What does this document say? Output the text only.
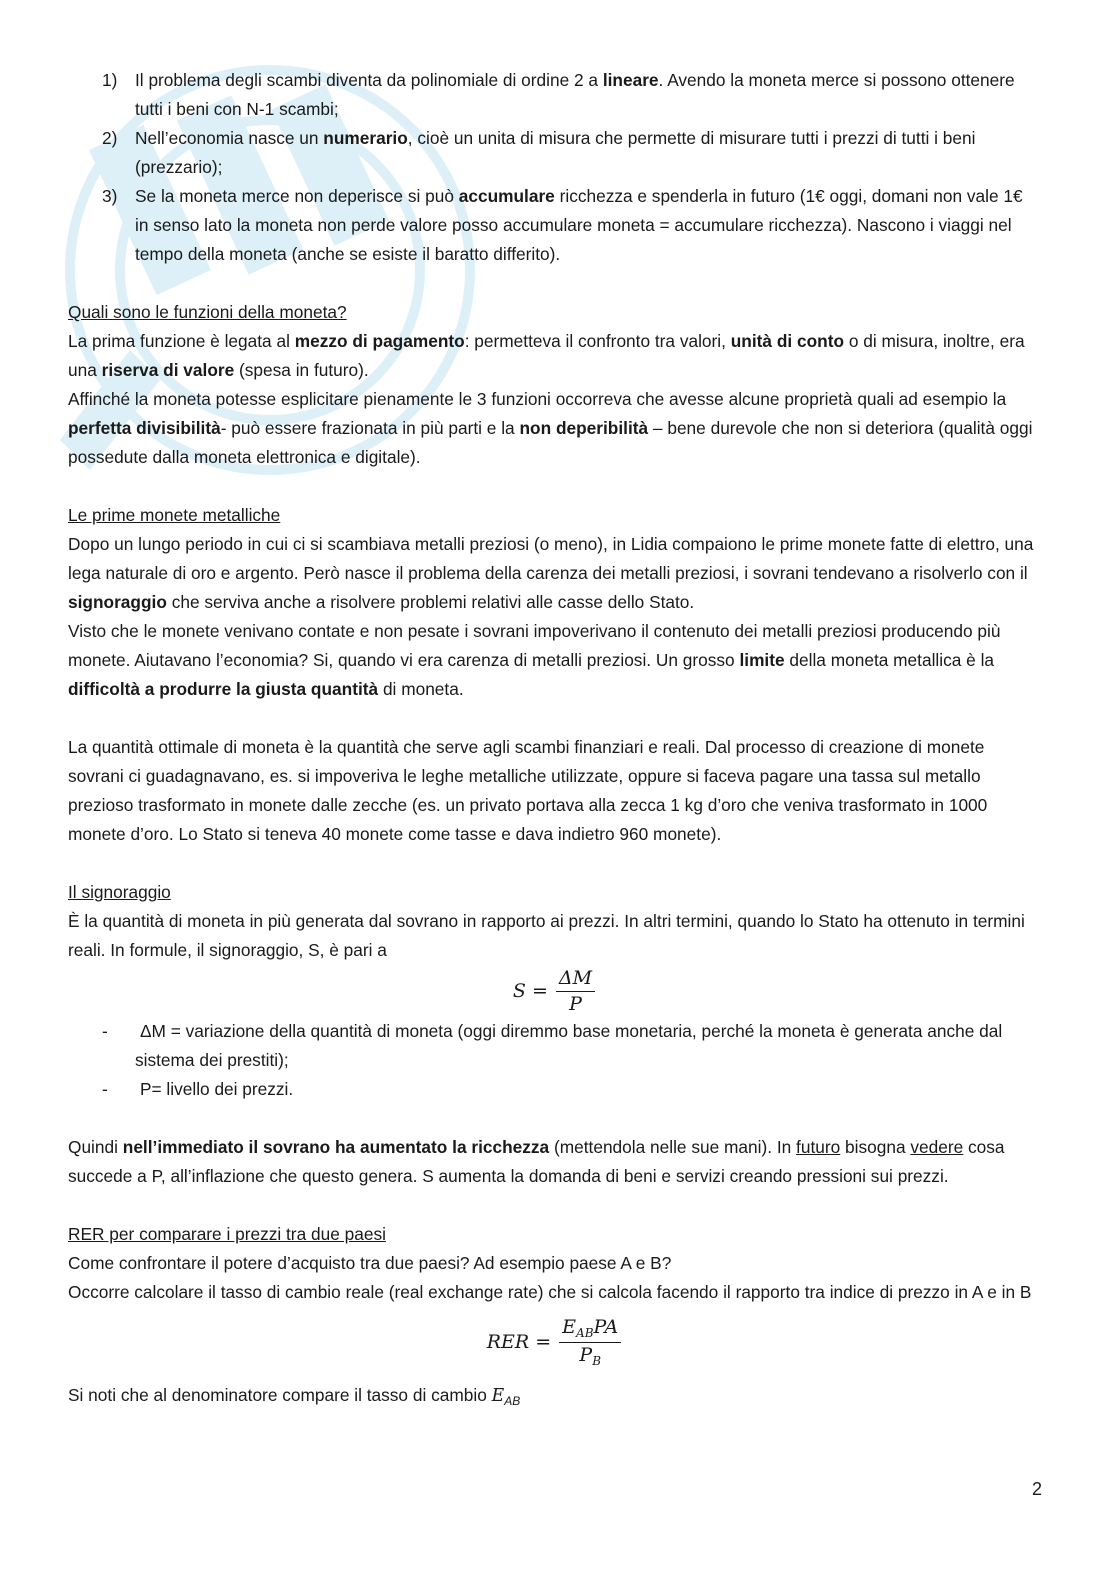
1) Il problema degli scambi diventa da polinomiale di ordine 2 a lineare. Avendo la moneta merce si possono ottenere tutti i beni con N-1 scambi;
2) Nell’economia nasce un numerario, cioè un unita di misura che permette di misurare tutti i prezzi di tutti i beni (prezzario);
3) Se la moneta merce non deperisce si può accumulare ricchezza e spenderla in futuro (1€ oggi, domani non vale 1€ in senso lato la moneta non perde valore posso accumulare moneta = accumulare ricchezza). Nascono i viaggi nel tempo della moneta (anche se esiste il baratto differito).

Quali sono le funzioni della moneta?

La prima funzione è legata al mezzo di pagamento: permetteva il confronto tra valori, unità di conto o di misura, inoltre, era una riserva di valore (spesa in futuro).

Affinché la moneta potesse esplicitare pienamente le 3 funzioni occorreva che avesse alcune proprietà quali ad esempio la perfetta divisibilità- può essere frazionata in più parti e la non deperibilità – bene durevole che non si deteriora (qualità oggi possedute dalla moneta elettronica e digitale).

Le prime monete metalliche

Dopo un lungo periodo in cui ci si scambiava metalli preziosi (o meno), in Lidia compaiono le prime monete fatte di elettro, una lega naturale di oro e argento. Però nasce il problema della carenza dei metalli preziosi, i sovrani tendevano a risolverlo con il signoraggio che serviva anche a risolvere problemi relativi alle casse dello Stato.

Visto che le monete venivano contate e non pesate i sovrani impoverivano il contenuto dei metalli preziosi producendo più monete. Aiutavano l’economia? Si, quando vi era carenza di metalli preziosi. Un grosso limite della moneta metallica è la difficoltà a produrre la giusta quantità di moneta.

La quantità ottimale di moneta è la quantità che serve agli scambi finanziari e reali. Dal processo di creazione di monete sovrani ci guadagnavano, es. si impoveriva le leghe metalliche utilizzate, oppure si faceva pagare una tassa sul metallo prezioso trasformato in monete dalle zecche (es. un privato portava alla zecca 1 kg d’oro che veniva trasformato in 1000 monete d’oro. Lo Stato si teneva 40 monete come tasse e dava indietro 960 monete).

Il signoraggio

È la quantità di moneta in più generata dal sovrano in rapporto ai prezzi. In altri termini, quando lo Stato ha ottenuto in termini reali. In formule, il signoraggio, S, è pari a

$S = \frac{\Delta M}{P}$
- ΔM = variazione della quantità di moneta (oggi diremmo base monetaria, perché la moneta è generata anche dal sistema dei prestiti);
- P= livello dei prezzi.

Quindi nell’immediato il sovrano ha aumentato la ricchezza (mettendola nelle sue mani). In futuro bisogna vedere cosa succede a P, all’inflazione che questo genera. S aumenta la domanda di beni e servizi creando pressioni sui prezzi.

RER per comparare i prezzi tra due paesi

Come confrontare il potere d’acquisto tra due paesi? Ad esempio paese A e B?

Occorre calcolare il tasso di cambio reale (real exchange rate) che si calcola facendo il rapporto tra indice di prezzo in A e in B

RER = $\frac{E_{AB}PA}{P_B}$

Si noti che al denominatore compare il tasso di cambio $E_{AB}$

2
